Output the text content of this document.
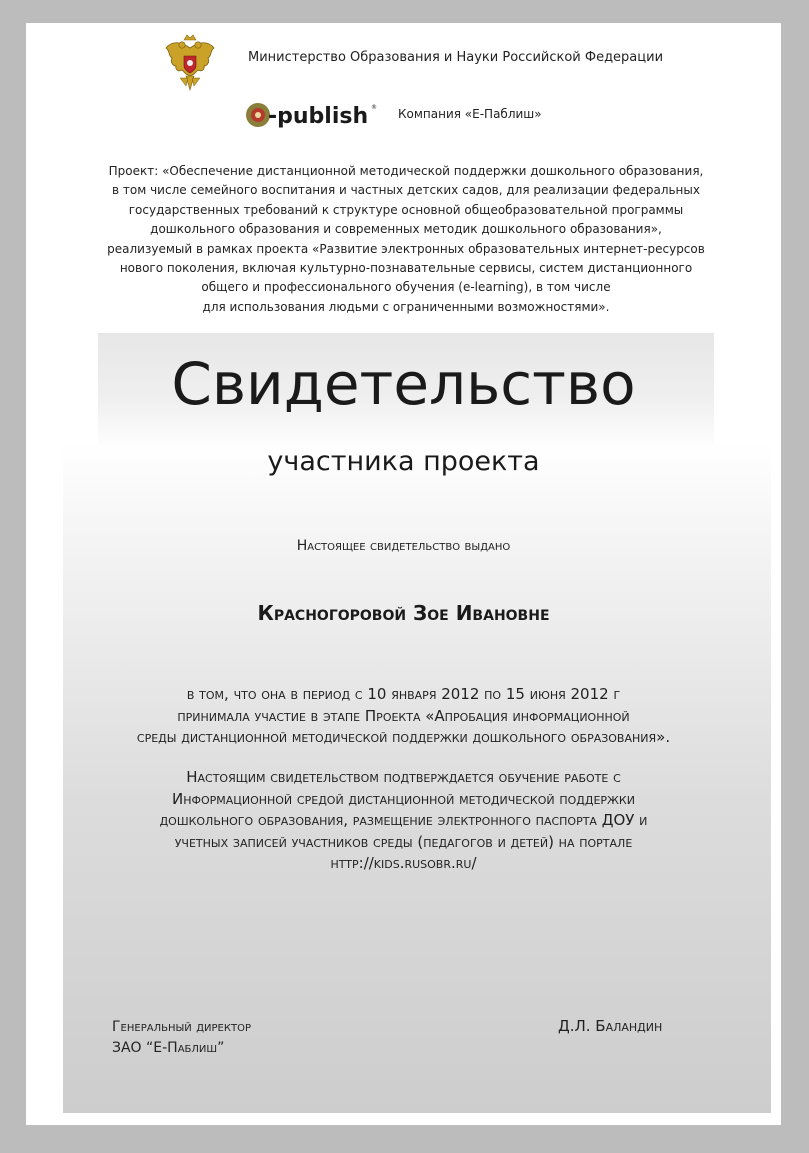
Министерство Образования и Науки Российской Федерации
-publish ® Компания «Е-Паблиш»
Проект: «Обеспечение дистанционной методической поддержки дошкольного образования,
в том числе семейного воспитания и частных детских садов, для реализации федеральных
государственных требований к структуре основной общеобразовательной программы
дошкольного образования и современных методик дошкольного образования»,
реализуемый в рамках проекта «Развитие электронных образовательных интернет-ресурсов
нового поколения, включая культурно-познавательные сервисы, систем дистанционного
общего и профессионального обучения (e-learning), в том числе
для использования людьми с ограниченными возможностями».
Свидетельство
участника проекта
Настоящее свидетельство выдано
Красногоровой Зое Ивановне
в том, что она в период с 10 января 2012 по 15 июня 2012 г
принимала участие в этапе Проекта «Апробация информационной
среды дистанционной методической поддержки дошкольного образования».
Настоящим свидетельством подтверждается обучение работе с
Информационной средой дистанционной методической поддержки
дошкольного образования, размещение электронного паспорта ДОУ и
учетных записей участников среды (педагогов и детей) на портале
http://kids.rusobr.ru/
Генеральный директор
ЗАО “Е-Паблиш”
Д.Л. Баландин
